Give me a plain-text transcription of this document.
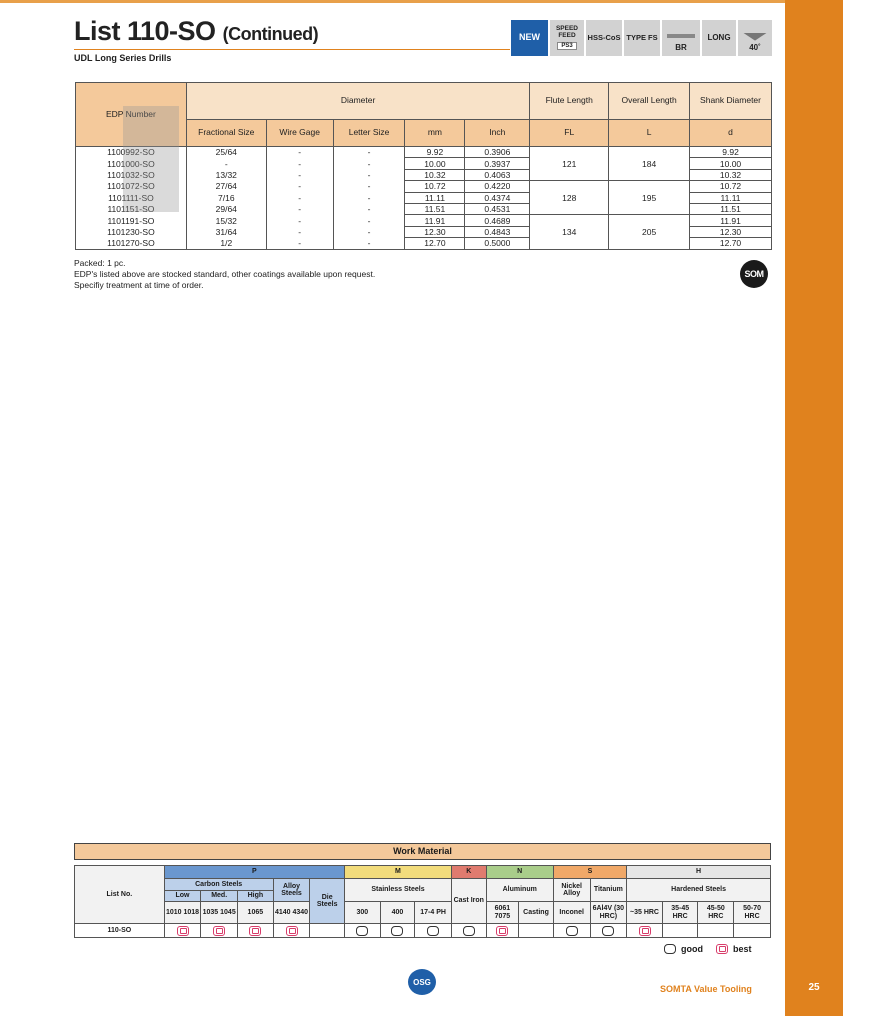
List 110-SO (Continued)
UDL Long Series Drills
NEW
SPEED FEED
PS3
HSS-CoS TYPE FS
BR
LONG
40˚
EDP Number	Diameter					Flute Length	Overall Length	Shank Diameter
	Fractional Size	Wire Gage	Letter Size	mm	Inch	FL	L	d
1100992-SO	25/64	-	-	9.92	0.3906	121	184	9.92
1101000-SO	-	-	-	10.00	0.3937			10.00
1101032-SO	13/32	-	-	10.32	0.4063			10.32
1101072-SO	27/64	-	-	10.72	0.4220	128	195	10.72
1101111-SO	7/16	-	-	11.11	0.4374			11.11
1101151-SO	29/64	-	-	11.51	0.4531			11.51
1101191-SO	15/32	-	-	11.91	0.4689	134	205	11.91
1101230-SO	31/64	-	-	12.30	0.4843			12.30
1101270-SO	1/2	-	-	12.70	0.5000			12.70
Packed: 1 pc.
EDP's listed above are stocked standard, other coatings available upon request.
Specifiy treatment at time of order.
SOM
Work Material
List No.	P					M			K	N		S		H			
	Carbon Steels			Alloy Steels	Die Steels	Stainless Steels			Cast Iron	Aluminum		Nickel Alloy	Titanium	Hardened Steels			
	Low	Med.	High														
	1010 1018	1035 1045	1065	4140 4340		300	400	17-4 PH		6061 7075	Casting	Inconel	6Al4V (30 HRC)	~35 HRC	35-45 HRC	45-50 HRC	50-70 HRC
110-SO																	
good	best
OSG
SOMTA Value Tooling	25
